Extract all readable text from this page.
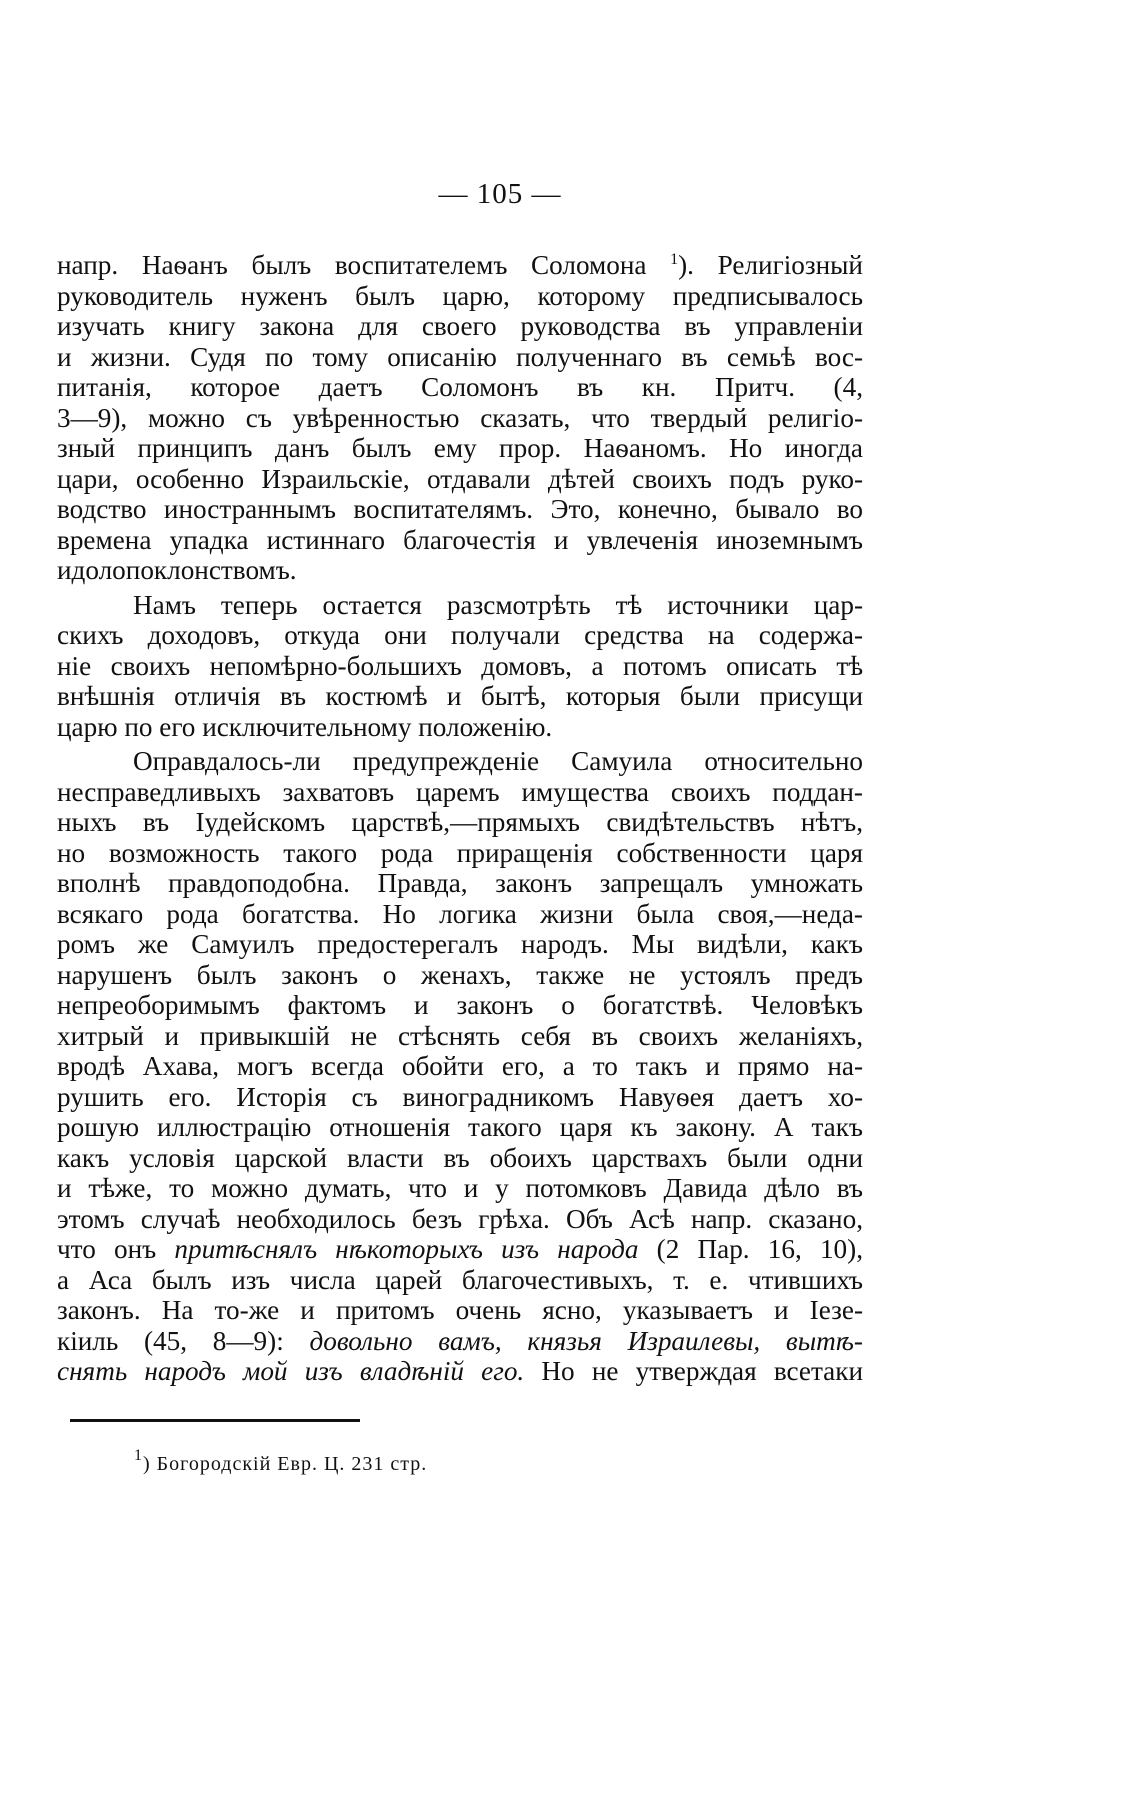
— 105 —
напр. Наѳанъ былъ воспитателемъ Соломона $^1$). Религіозный
руководитель нуженъ былъ царю, которому предписывалось
изучать книгу закона для своего руководства въ управленіи
и жизни. Судя по тому описанію полученнаго въ семьѣ вос-
питанія, которое даетъ Соломонъ въ кн. Притч. (4,
3—9), можно съ увѣренностью сказать, что твердый религіо-
зный принципъ данъ былъ ему прор. Наѳаномъ. Но иногда
цари, особенно Израильскіе, отдавали дѣтей своихъ подъ руко-
водство иностраннымъ воспитателямъ. Это, конечно, бывало во
времена упадка истиннаго благочестія и увлеченія иноземнымъ
идолопоклонствомъ.
Намъ теперь остается разсмотрѣть тѣ источники цар-
скихъ доходовъ, откуда они получали средства на содержа-
ніе своихъ непомѣрно-большихъ домовъ, а потомъ описать тѣ
внѣшнія отличія въ костюмѣ и бытѣ, которыя были присущи
царю по его исключительному положенію.
Оправдалось-ли предупрежденіе Самуила относительно
несправедливыхъ захватовъ царемъ имущества своихъ поддан-
ныхъ въ Іудейскомъ царствѣ,—прямыхъ свидѣтельствъ нѣтъ,
но возможность такого рода приращенія собственности царя
вполнѣ правдоподобна. Правда, законъ запрещалъ умножать
всякаго рода богатства. Но логика жизни была своя,—недa-
ромъ же Самуилъ предостерегалъ народъ. Мы видѣли, какъ
нарушенъ былъ законъ о женахъ, также не устоялъ предъ
непреоборимымъ фактомъ и законъ о богатствѣ. Человѣкъ
хитрый и привыкшій не стѣснять себя въ своихъ желаніяхъ,
вродѣ Ахава, могъ всегда обойти его, а то такъ и прямо на-
рушить его. Исторія съ виноградникомъ Навуѳея даетъ хо-
рошую иллюстрацію отношенія такого царя къ закону. А такъ
какъ условія царской власти въ обоихъ царствахъ были одни
и тѣже, то можно думать, что и у потомковъ Давида дѣло въ
этомъ случаѣ необходилось безъ грѣха. Объ Асѣ напр. сказано,
что онъ притѣснялъ нѣкоторыхъ изъ народа (2 Пар. 16, 10),
а Аса былъ изъ числа царей благочестивыхъ, т. е. чтившихъ
законъ. На то-же и притомъ очень ясно, указываетъ и Іезе-
кіиль (45, 8—9): довольно вамъ, князья Израилевы, вытѣ-
снять народъ мой изъ владѣній его. Но не утверждая всетаки
$^1$) Богородскій Евр. Ц. 231 стр.
